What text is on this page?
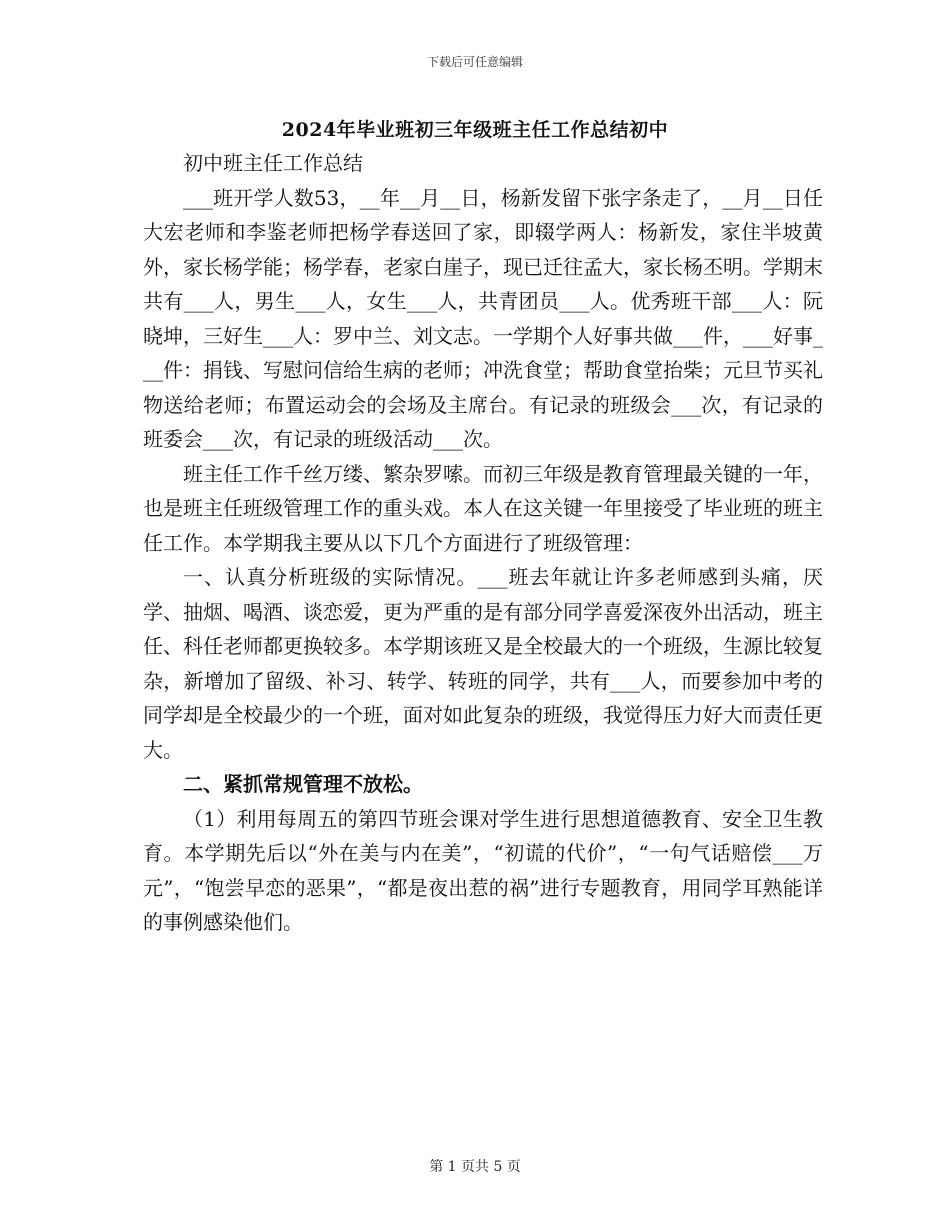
下载后可任意编辑
2024年毕业班初三年级班主任工作总结初中

初中班主任工作总结

___班开学人数53，__年__月__日，杨新发留下张字条走了，__月__日任大宏老师和李鉴老师把杨学春送回了家，即辍学两人：杨新发，家住半坡黄外，家长杨学能；杨学春，老家白崖子，现已迁往孟大，家长杨丕明。学期末共有___人，男生___人，女生___人，共青团员___人。优秀班干部___人：阮晓坤，三好生___人：罗中兰、刘文志。一学期个人好事共做___件，___好事___件：捐钱、写慰问信给生病的老师；冲洗食堂；帮助食堂抬柴；元旦节买礼物送给老师；布置运动会的会场及主席台。有记录的班级会___次，有记录的班委会___次，有记录的班级活动___次。

班主任工作千丝万缕、繁杂罗嗦。而初三年级是教育管理最关键的一年，也是班主任班级管理工作的重头戏。本人在这关键一年里接受了毕业班的班主任工作。本学期我主要从以下几个方面进行了班级管理：

一、认真分析班级的实际情况。___班去年就让许多老师感到头痛，厌学、抽烟、喝酒、谈恋爱，更为严重的是有部分同学喜爱深夜外出活动，班主任、科任老师都更换较多。本学期该班又是全校最大的一个班级，生源比较复杂，新增加了留级、补习、转学、转班的同学，共有___人，而要参加中考的同学却是全校最少的一个班，面对如此复杂的班级，我觉得压力好大而责任更大。

二、紧抓常规管理不放松。

（1）利用每周五的第四节班会课对学生进行思想道德教育、安全卫生教育。本学期先后以“外在美与内在美”，“初谎的代价”，“一句气话赔偿___万元”，“饱尝早恋的恶果”，“都是夜出惹的祸”进行专题教育，用同学耳熟能详的事例感染他们。

第 1 页共 5 页
